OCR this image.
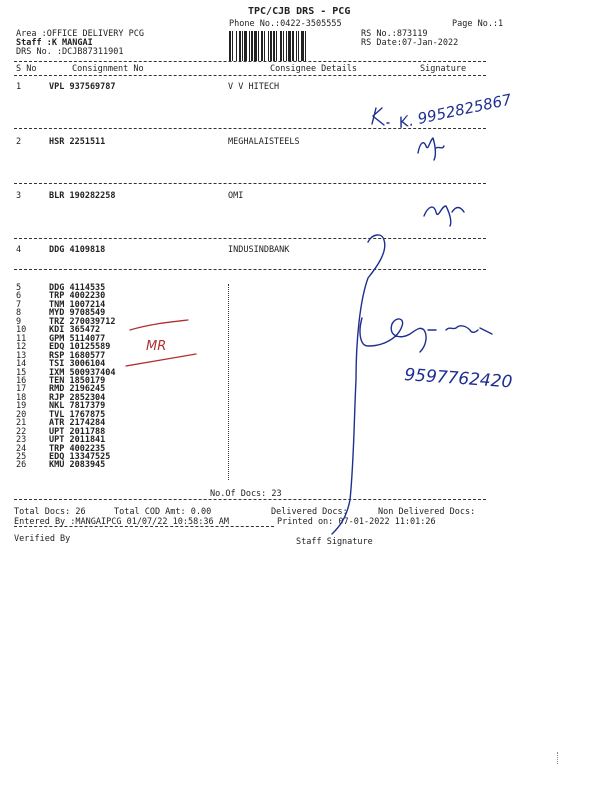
TPC/CJB DRS - PCG
Phone No.:0422-3505555	Page No.:1
Area :OFFICE DELIVERY PCG
Staff :K MANGAI
DRS No. :DCJB87311901
RS No.:873119
RS Date:07-Jan-2022
S No	Consignment No	Consignee Details	Signature
1	VPL 937569787	V V HITECH
2	HSR 2251511	MEGHALAISTEELS
3	BLR 190282258	OMI
4	DDG 4109818	INDUSINDBANK
5	DDG 4114535
6	TRP 4002230
7	TNM 1007214
8	MYD 9708549
9	TRZ 270039712
10	KDI 365472
11	GPM 5114077
12	EDQ 10125589
13	RSP 1680577
14	TSI 3006104
15	IXM 500937404
16	TEN 1850179
17	RMD 2196245
18	RJP 2852304
19	NKL 7817379
20	TVL 1767875
21	ATR 2174284
22	UPT 2011788
23	UPT 2011841
24	TRP 4002235
25	EDQ 13347525
26	KMU 2083945
No.Of Docs: 23
Total Docs: 26	Total COD Amt: 0.00	Delivered Docs:	Non Delivered Docs:
Entered By :MANGAIPCG 01/07/22 10:58:36 AM	Printed on: 07-01-2022 11:01:26
Verified By	Staff Signature
K. 9952825867
9597762420
MR
